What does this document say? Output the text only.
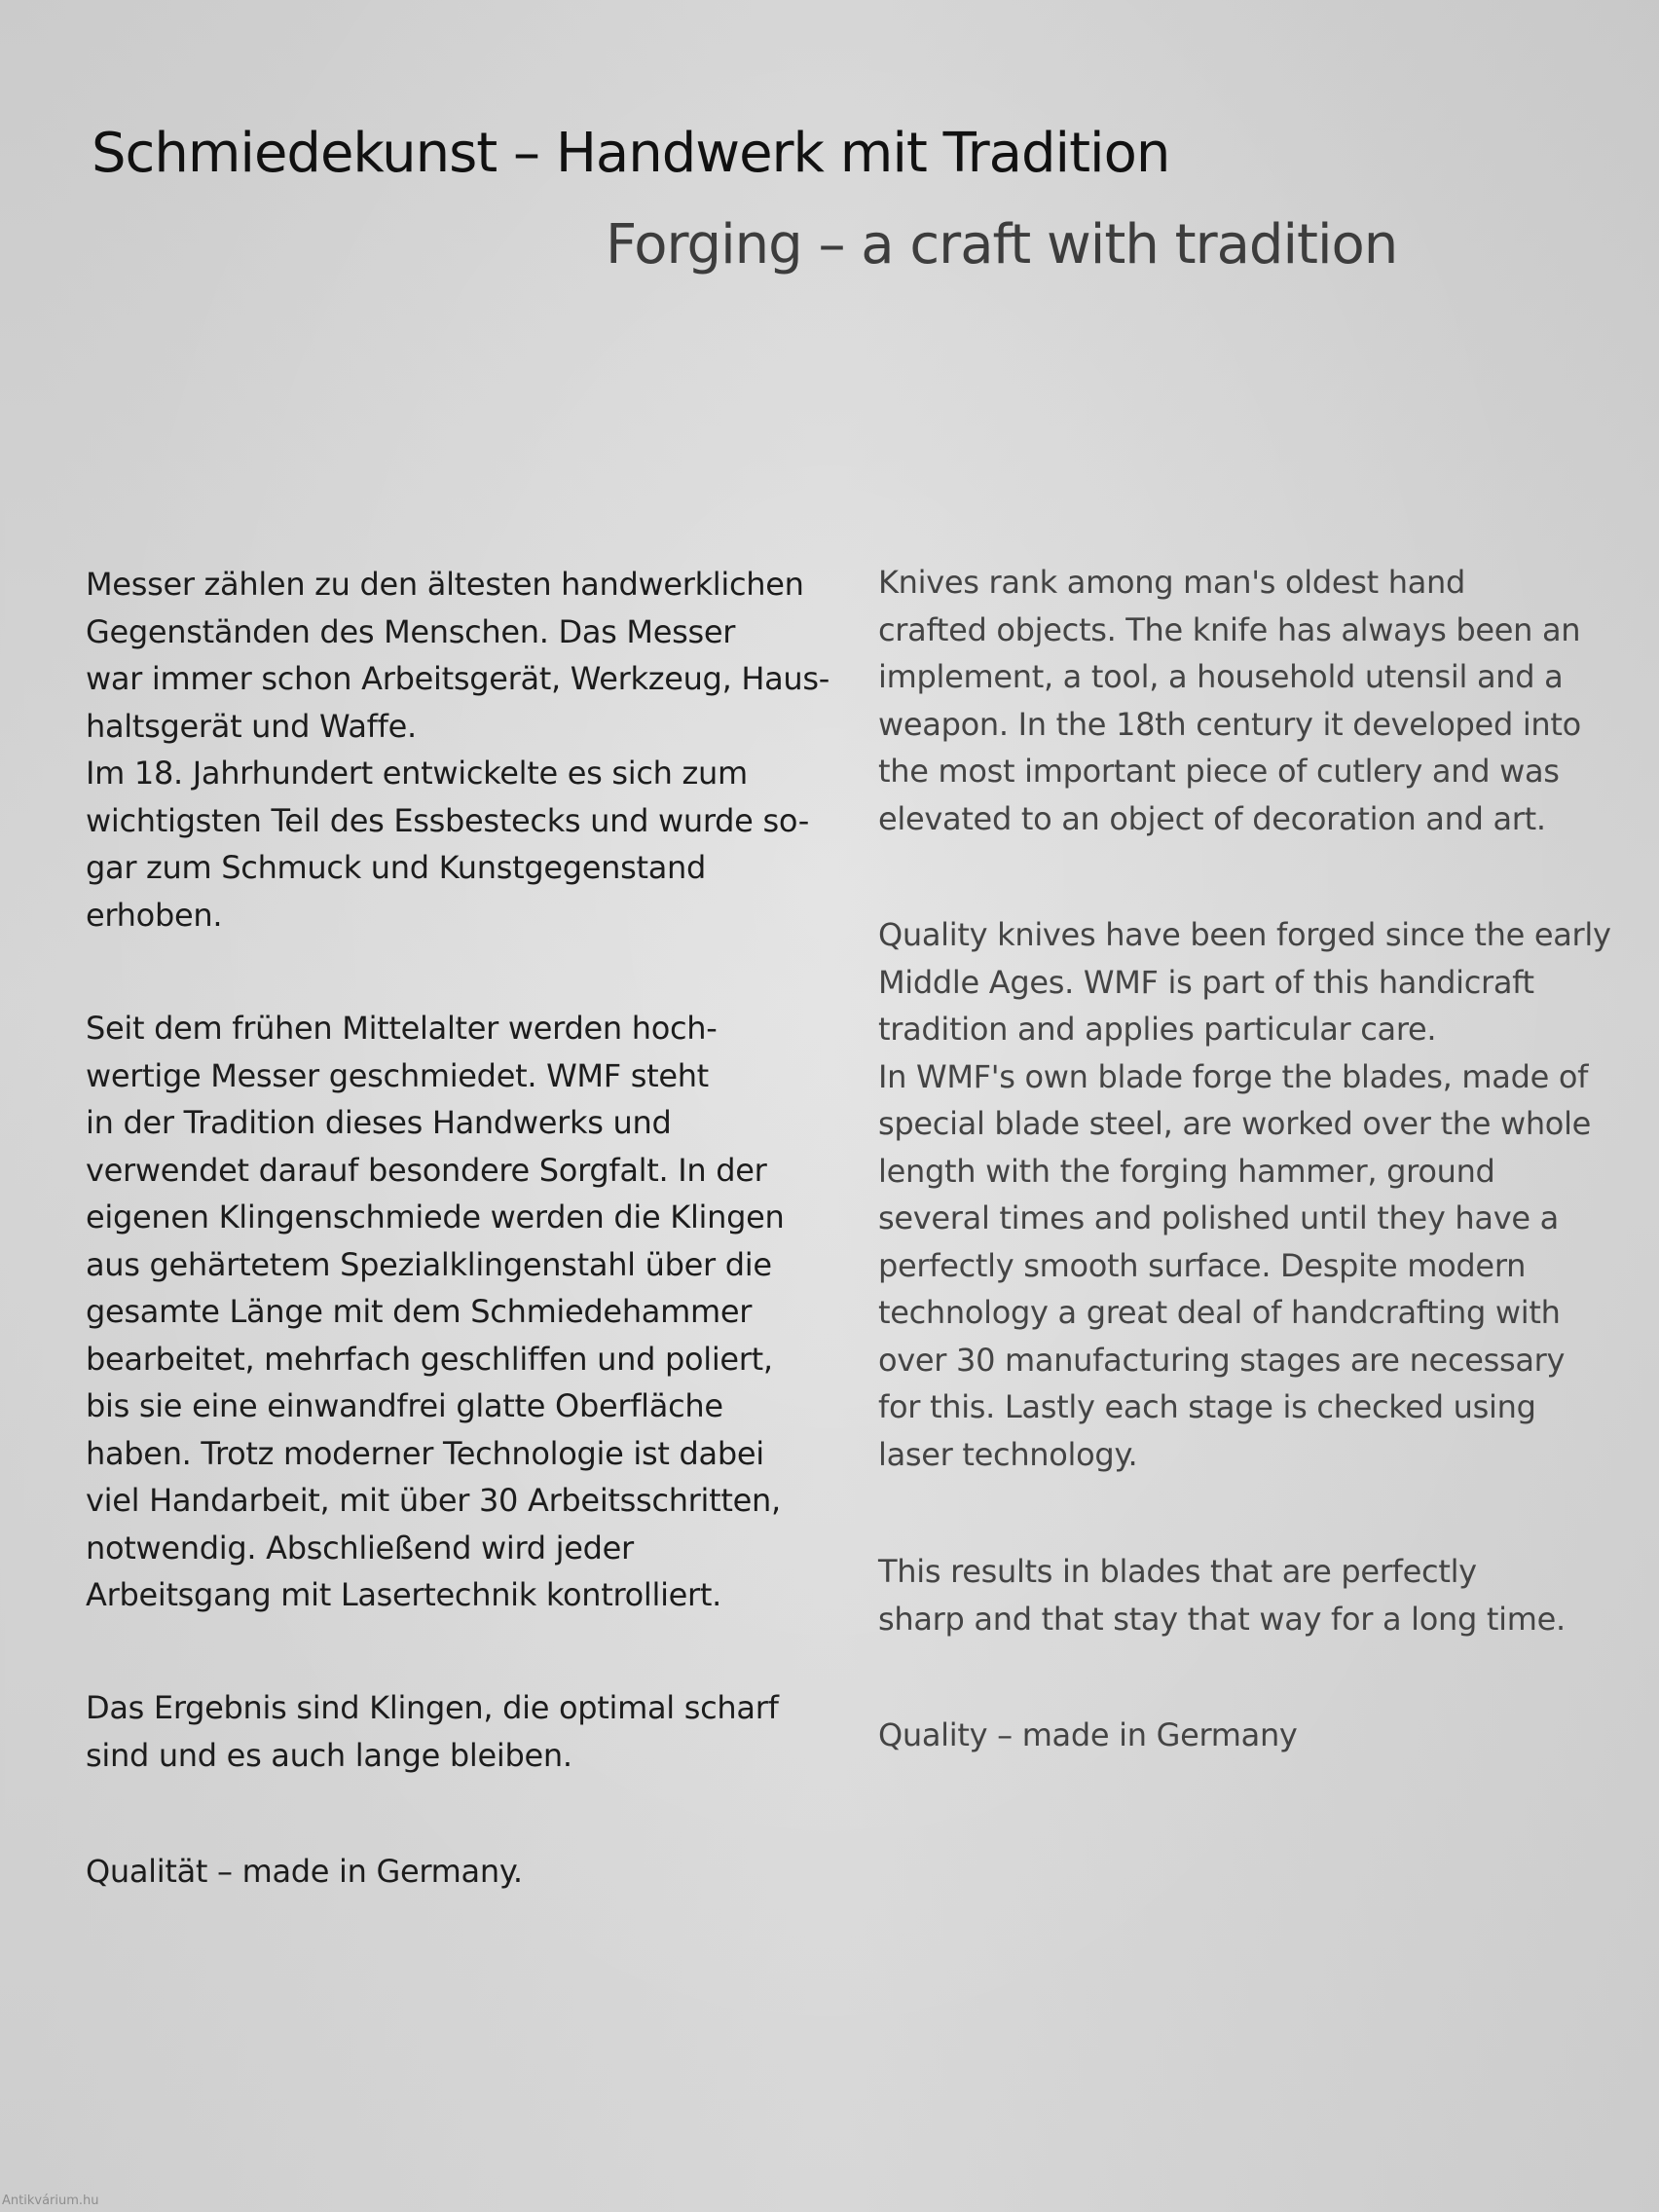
Schmiedekunst – Handwerk mit Tradition
Forging – a craft with tradition
Messer zählen zu den ältesten handwerklichen
Gegenständen des Menschen. Das Messer
war immer schon Arbeitsgerät, Werkzeug, Haus-
haltsgerät und Waffe.
Im 18. Jahrhundert entwickelte es sich zum
wichtigsten Teil des Essbestecks und wurde so-
gar zum Schmuck und Kunstgegenstand
erhoben.
Seit dem frühen Mittelalter werden hoch-
wertige Messer geschmiedet. WMF steht
in der Tradition dieses Handwerks und
verwendet darauf besondere Sorgfalt. In der
eigenen Klingenschmiede werden die Klingen
aus gehärtetem Spezialklingenstahl über die
gesamte Länge mit dem Schmiedehammer
bearbeitet, mehrfach geschliffen und poliert,
bis sie eine einwandfrei glatte Oberfläche
haben. Trotz moderner Technologie ist dabei
viel Handarbeit, mit über 30 Arbeitsschritten,
notwendig. Abschließend wird jeder
Arbeitsgang mit Lasertechnik kontrolliert.
Das Ergebnis sind Klingen, die optimal scharf
sind und es auch lange bleiben.
Qualität – made in Germany.
Knives rank among man's oldest hand
crafted objects. The knife has always been an
implement, a tool, a household utensil and a
weapon. In the 18th century it developed into
the most important piece of cutlery and was
elevated to an object of decoration and art.
Quality knives have been forged since the early
Middle Ages. WMF is part of this handicraft
tradition and applies particular care.
In WMF's own blade forge the blades, made of
special blade steel, are worked over the whole
length with the forging hammer, ground
several times and polished until they have a
perfectly smooth surface. Despite modern
technology a great deal of handcrafting with
over 30 manufacturing stages are necessary
for this. Lastly each stage is checked using
laser technology.
This results in blades that are perfectly
sharp and that stay that way for a long time.
Quality – made in Germany
Antikvárium.hu
